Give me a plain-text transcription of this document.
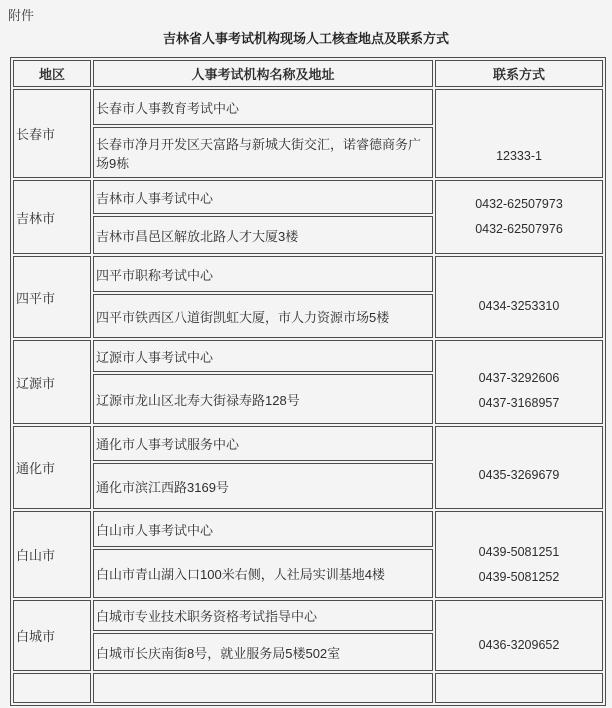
附件
吉林省人事考试机构现场人工核查地点及联系方式
地区	人事考试机构名称及地址	联系方式
长春市	长春市人事教育考试中心	12333-1

	长春市净月开发区天富路与新城大街交汇，诺睿德商务广场9栋	
吉林市	吉林市人事考试中心	0432-62507973
0432-62507976

	吉林市昌邑区解放北路人才大厦3楼	
四平市	四平市职称考试中心	0434-3253310

	四平市铁西区八道街凯虹大厦，市人力资源市场5楼	
辽源市	辽源市人事考试中心	0437-3292606
0437-3168957

	辽源市龙山区北寿大街禄寿路128号	
通化市	通化市人事考试服务中心	0435-3269679

	通化市滨江西路3169号	
白山市	白山市人事考试中心	0439-5081251
0439-5081252

	白山市青山湖入口100米右侧，人社局实训基地4楼	
白城市	白城市专业技术职务资格考试指导中心	0436-3209652

	白城市长庆南街8号，就业服务局5楼502室	
